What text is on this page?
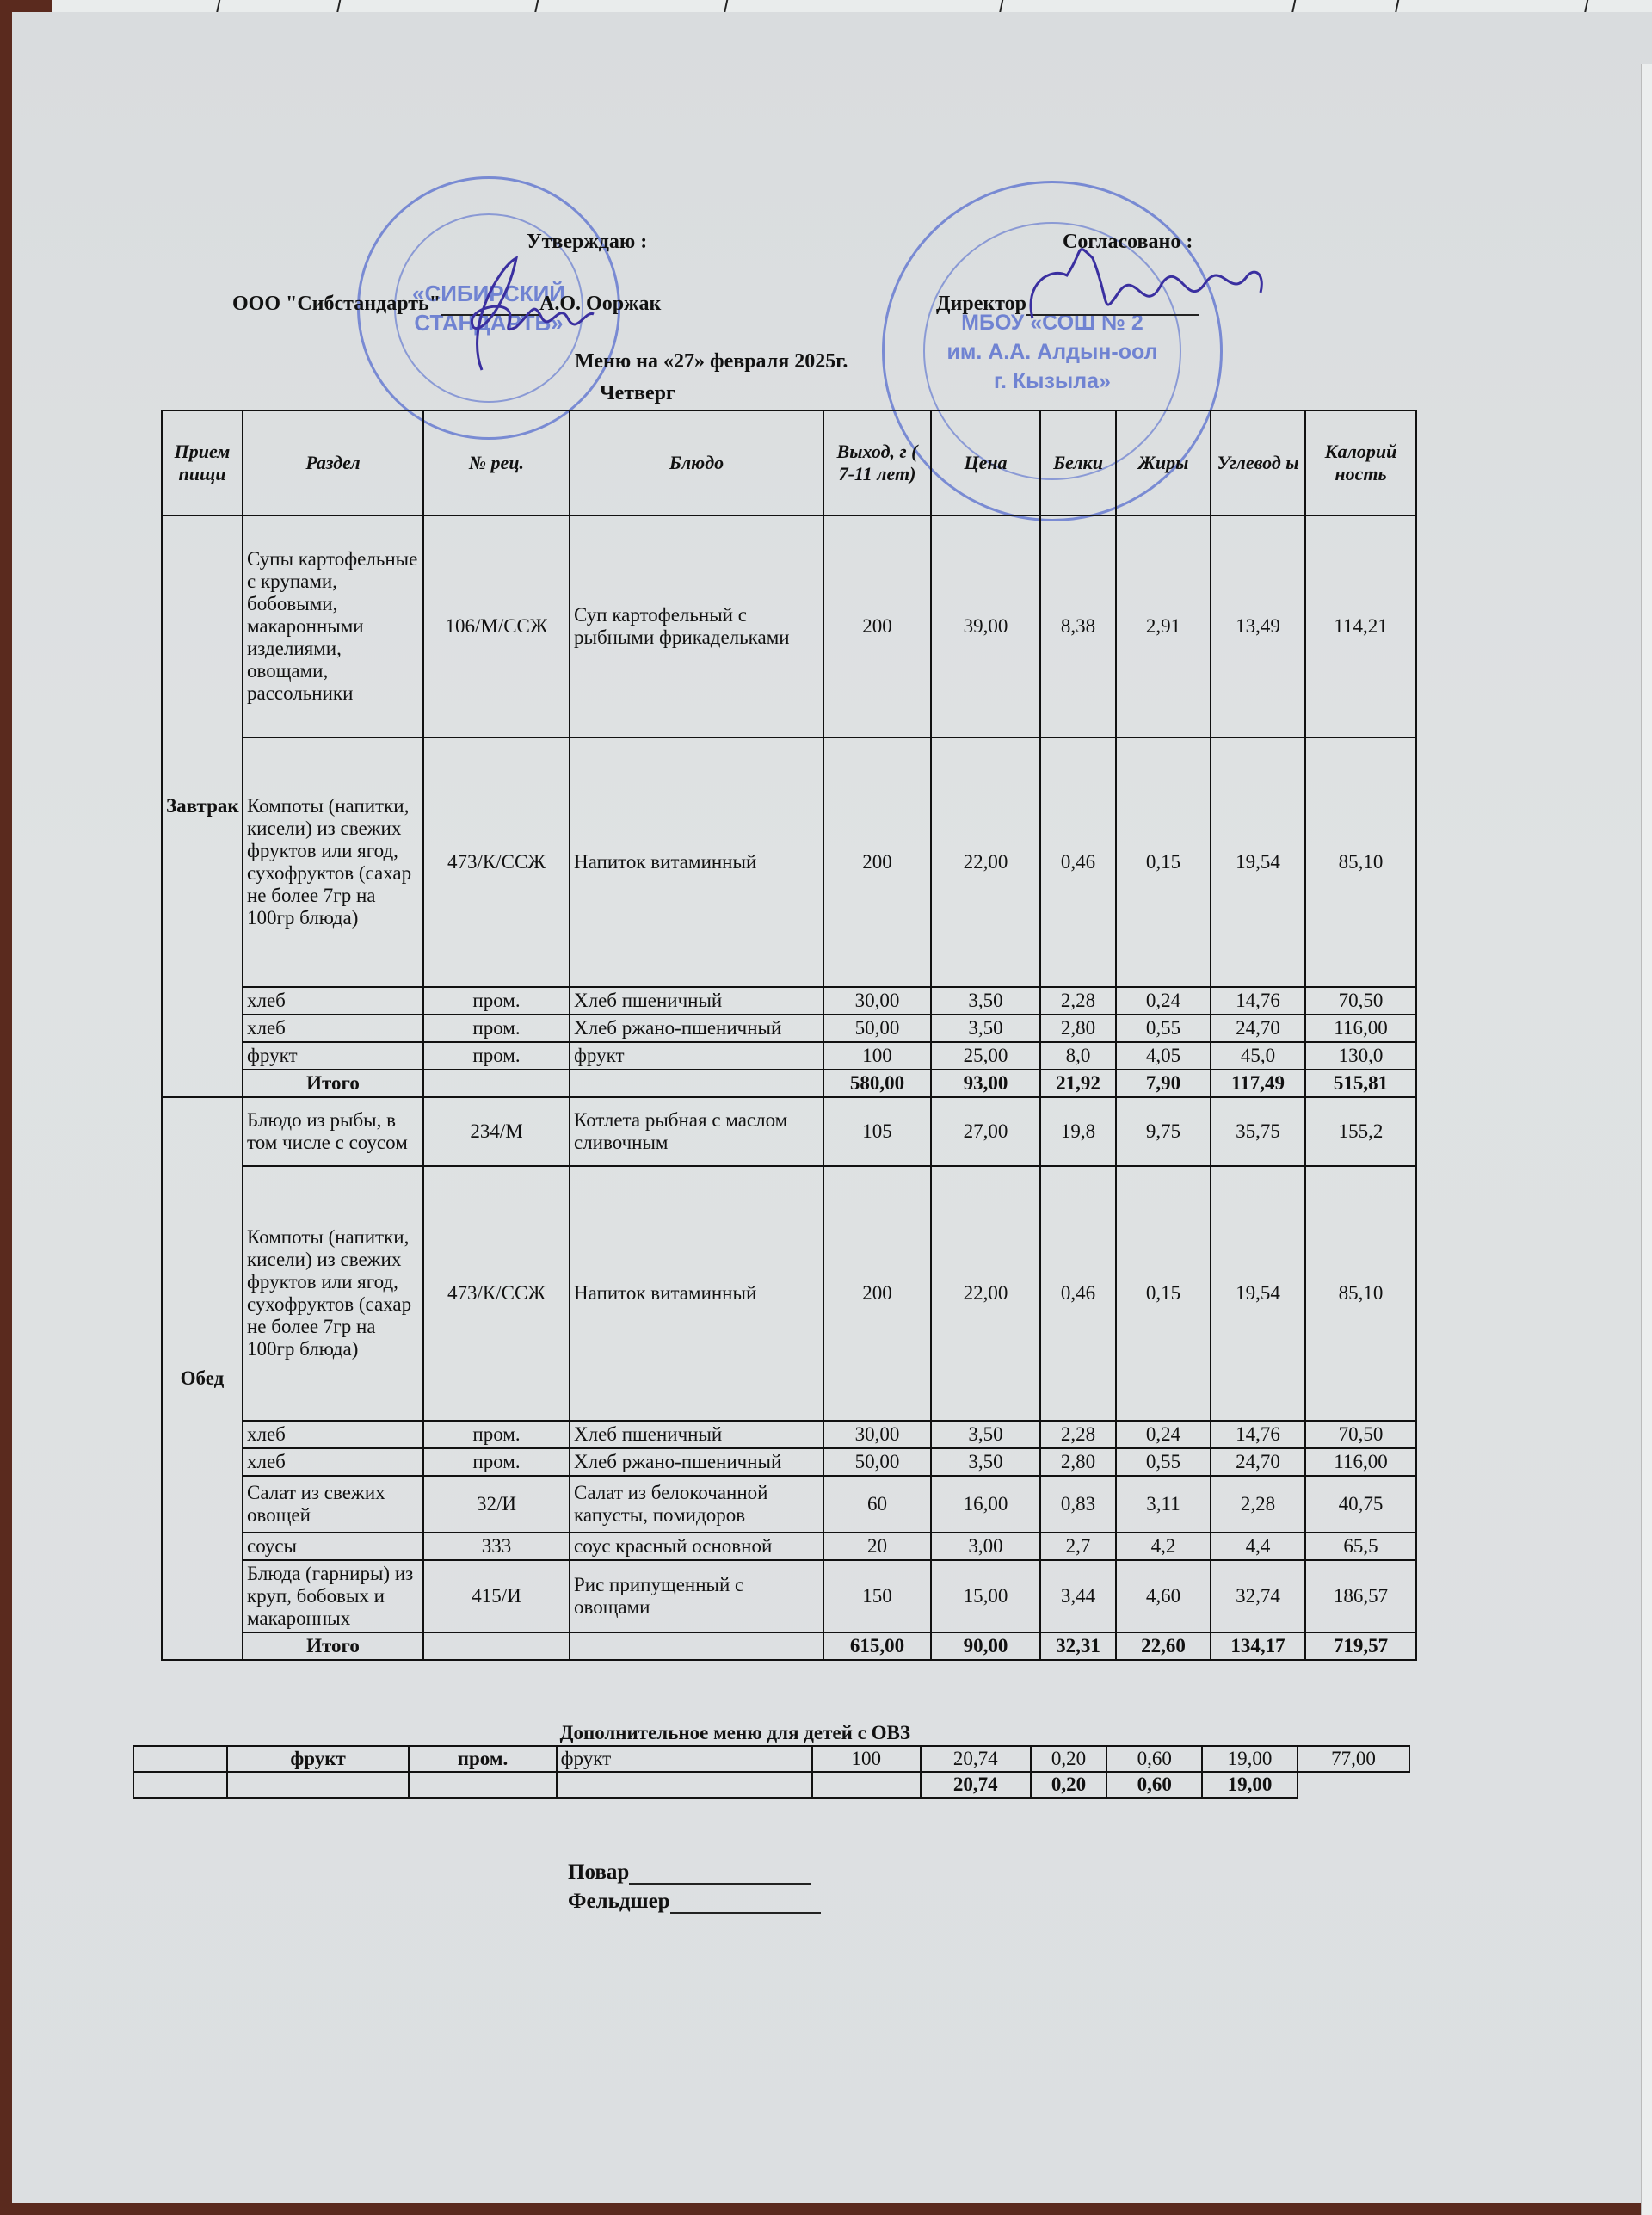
«СИБИРСКИЙ
СТАНДАРТЬ»	МБОУ «СОШ № 2
им. А.А. Алдын-оол
г. Кызыла»
Утверждаю :
ООО "Сибстандарть"	А.О. Ооржак
Согласовано :
Директор
Меню на «27» февраля 2025г.
Четверг
Прием пищи	Раздел	№ рец.	Блюдо	Выход, г ( 7-11 лет)	Цена	Белки	Жиры	Углевод ы	Калорий ность
Завтрак	Супы картофельные с крупами, бобовыми, макаронными изделиями, овощами, рассольники	106/М/ССЖ	Суп картофельный с рыбными фрикадельками	200	39,00	8,38	2,91	13,49	114,21
	Компоты (напитки, кисели) из свежих фруктов или ягод, сухофруктов (сахар не более 7гр на 100гр блюда)	473/К/ССЖ	Напиток витаминный	200	22,00	0,46	0,15	19,54	85,10
	хлеб	пром.	Хлеб пшеничный	30,00	3,50	2,28	0,24	14,76	70,50
	хлеб	пром.	Хлеб ржано-пшеничный	50,00	3,50	2,80	0,55	24,70	116,00
	фрукт	пром.	фрукт	100	25,00	8,0	4,05	45,0	130,0
	Итого			580,00	93,00	21,92	7,90	117,49	515,81
Обед	Блюдо из рыбы, в том числе с соусом	234/М	Котлета рыбная с маслом сливочным	105	27,00	19,8	9,75	35,75	155,2
	Компоты (напитки, кисели) из свежих фруктов или ягод, сухофруктов (сахар не более 7гр на 100гр блюда)	473/К/ССЖ	Напиток витаминный	200	22,00	0,46	0,15	19,54	85,10
	хлеб	пром.	Хлеб пшеничный	30,00	3,50	2,28	0,24	14,76	70,50
	хлеб	пром.	Хлеб ржано-пшеничный	50,00	3,50	2,80	0,55	24,70	116,00
	Салат из свежих овощей	32/И	Салат из белокочанной капусты, помидоров	60	16,00	0,83	3,11	2,28	40,75
	соусы	333	соус красный основной	20	3,00	2,7	4,2	4,4	65,5
	Блюда (гарниры) из круп, бобовых и макаронных	415/И	Рис припущенный с овощами	150	15,00	3,44	4,60	32,74	186,57
	Итого			615,00	90,00	32,31	22,60	134,17	719,57
			Дополнительное меню для детей с ОВЗ						
	фрукт	пром.	фрукт	100	20,74	0,20	0,60	19,00	77,00
					20,74	0,20	0,60	19,00	
Повар
Фельдшер
